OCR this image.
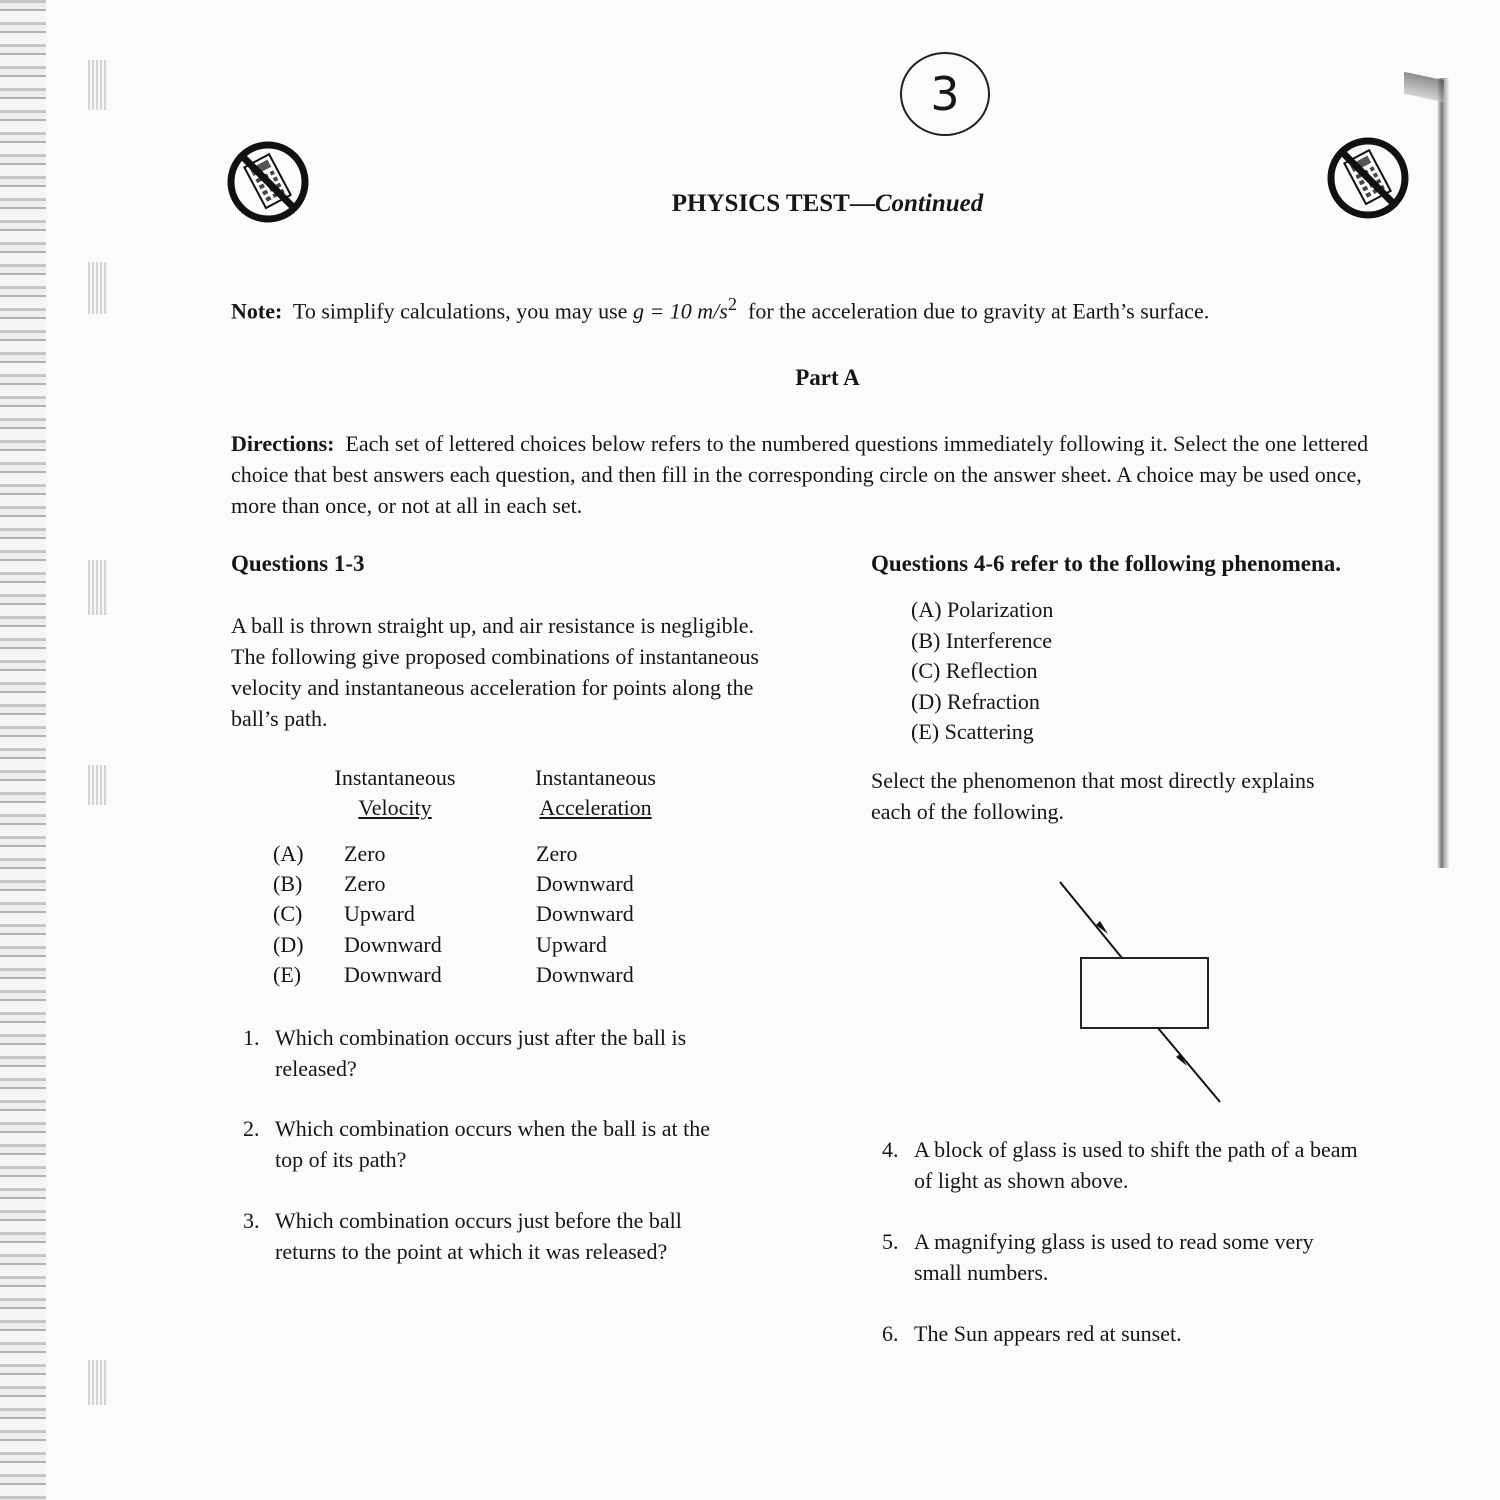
3
PHYSICS TEST—Continued
Note: To simplify calculations, you may use g = 10 $m/s^2$ for the acceleration due to gravity at Earth’s surface.
Part A
Directions: Each set of lettered choices below refers to the numbered questions immediately following it. Select the one lettered choice that best answers each question, and then fill in the corresponding circle on the answer sheet. A choice may be used once, more than once, or not at all in each set.
Questions 1-3
A ball is thrown straight up, and air resistance is negligible. The following give proposed combinations of instantaneous velocity and instantaneous acceleration for points along the ball’s path.
Instantaneous
Velocity
Instantaneous
Acceleration
(A) Zero	Zero
(B) Zero	Downward
(C) Upward	Downward
(D) Downward	Upward
(E) Downward	Downward
1. Which combination occurs just after the ball is
released?
2. Which combination occurs when the ball is at the
top of its path?
3. Which combination occurs just before the ball
returns to the point at which it was released?
Questions 4-6 refer to the following phenomena.
(A) Polarization
(B) Interference
(C) Reflection
(D) Refraction
(E) Scattering
Select the phenomenon that most directly explains
each of the following.
4. A block of glass is used to shift the path of a beam
of light as shown above.
5. A magnifying glass is used to read some very
small numbers.
6. The Sun appears red at sunset.
